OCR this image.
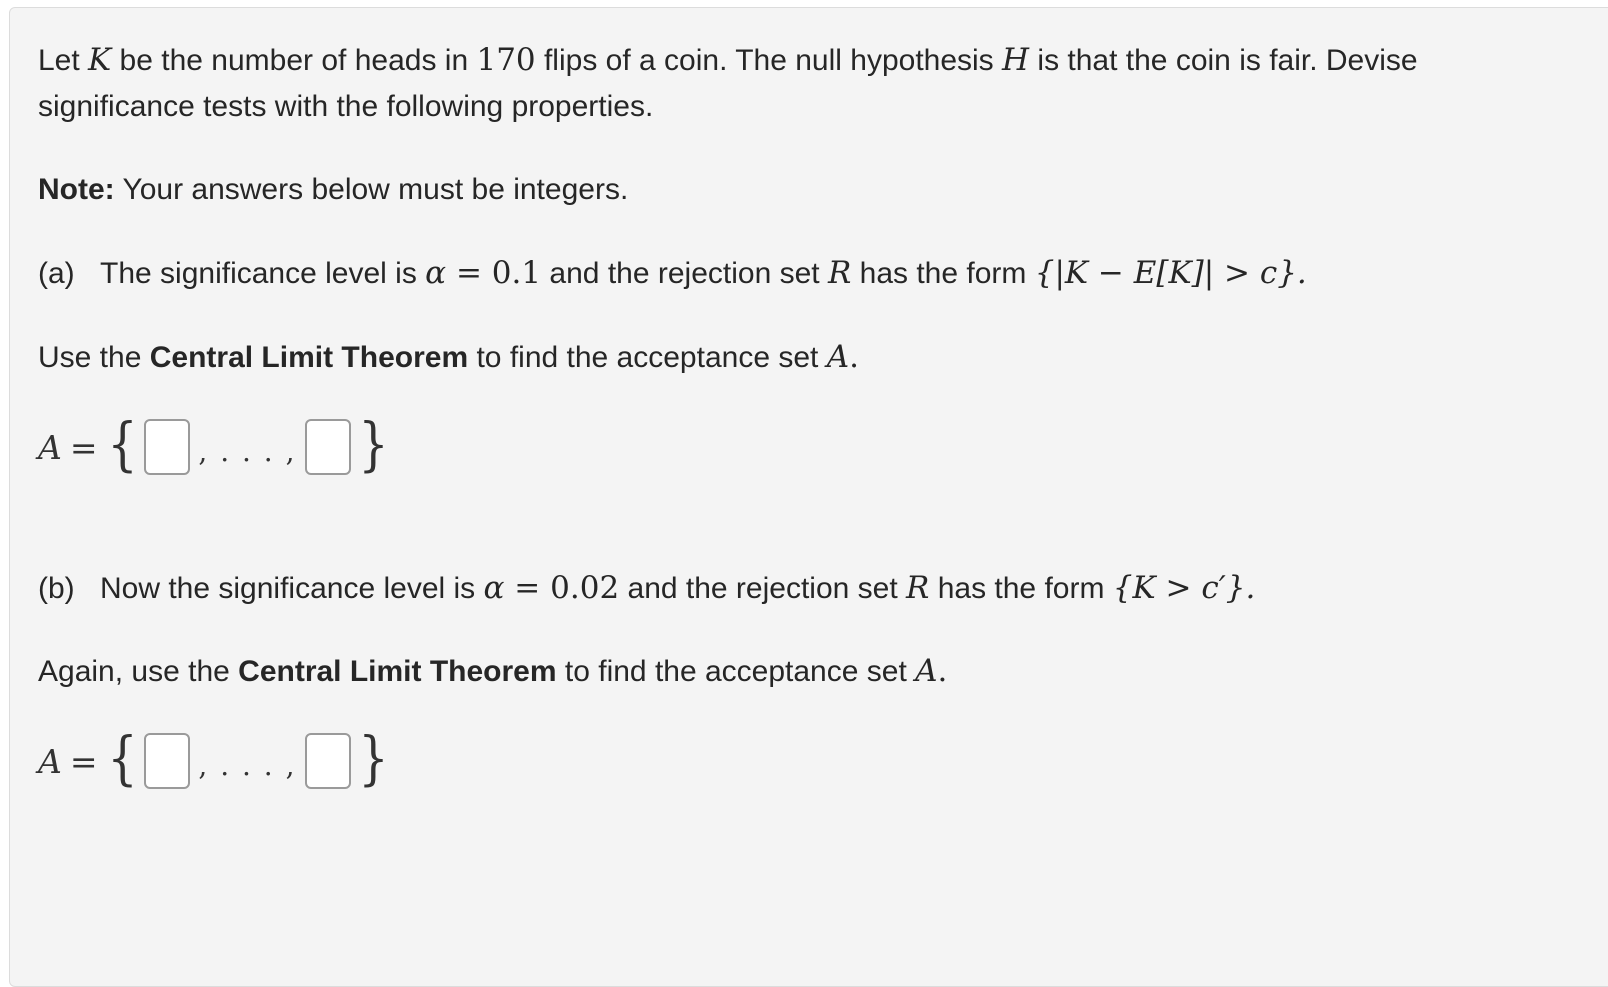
Let K be the number of heads in 170 flips of a coin. The null hypothesis H is that the coin is fair. Devise
significance tests with the following properties.
Note: Your answers below must be integers.
(a) The significance level is α = 0.1 and the rejection set R has the form {|K − E[K]| > c}.
Use the Central Limit Theorem to find the acceptance set A.
A = { , . . . , }
(b) Now the significance level is α = 0.02 and the rejection set R has the form {K > c′}.
Again, use the Central Limit Theorem to find the acceptance set A.
A = { , . . . , }
